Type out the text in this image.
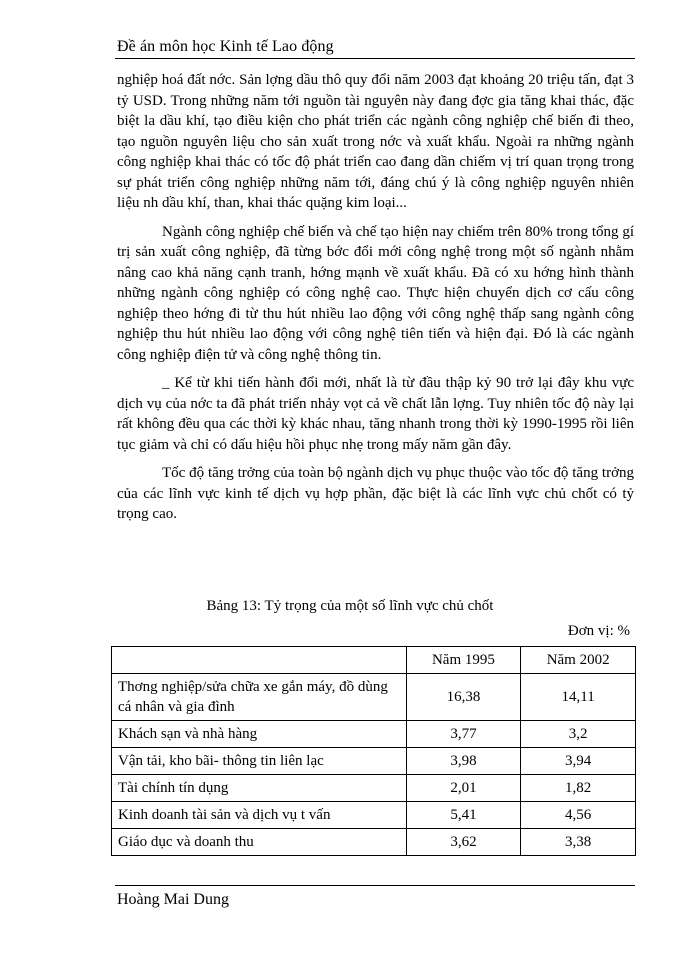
Đề án môn học Kinh tế Lao động

nghiệp hoá đất nớc. Sản lợng dầu thô quy đổi năm 2003 đạt khoảng 20 triệu tấn, đạt 3 tỷ USD. Trong những năm tới nguồn tài nguyên này đang đợc gia tăng khai thác, đặc biệt la dầu khí, tạo điều kiện cho phát triển các ngành công nghiệp chế biến đi theo, tạo nguồn nguyên liệu cho sản xuất trong nớc và xuất khẩu. Ngoài ra những ngành công nghiệp khai thác có tốc độ phát triển cao đang dần chiếm vị trí quan trọng trong sự phát triển công nghiệp những năm tới, đáng chú ý là công nghiệp nguyên nhiên liệu nh dầu khí, than, khai thác quặng kim loại...

Ngành công nghiệp chế biến và chế tạo hiện nay chiếm trên 80% trong tổng gí trị sản xuất công nghiệp, đã từng bớc đổi mới công nghệ trong một số ngành nhằm nâng cao khả năng cạnh tranh, hớng mạnh về xuất khẩu. Đã có xu hớng hình thành những ngành công nghiệp có công nghệ cao. Thực hiện chuyển dịch cơ cấu công nghiệp theo hớng đi từ thu hút nhiều lao động với công nghệ thấp sang ngành công nghiệp thu hút nhiều lao động với công nghệ tiên tiến và hiện đại. Đó là các ngành công nghiệp điện tử và công nghệ thông tin.

_ Kể từ khi tiến hành đổi mới, nhất là từ đầu thập kỷ 90 trở lại đây khu vực dịch vụ của nớc ta đã phát triển nhảy vọt cả về chất lẫn lợng. Tuy nhiên tốc độ này lại rất không đều qua các thời kỳ khác nhau, tăng nhanh trong thời kỳ 1990-1995 rồi liên tục giảm và chỉ có dấu hiệu hồi phục nhẹ trong mấy năm gần đây.

Tốc độ tăng trởng của toàn bộ ngành dịch vụ phục thuộc vào tốc độ tăng trởng của các lĩnh vực kinh tế dịch vụ hợp phần, đặc biệt là các lĩnh vực chủ chốt có tỷ trọng cao.

Bảng 13: Tỷ trọng của một số lĩnh vực chủ chốt
Đơn vị: %
	Năm 1995	Năm 2002
Thơng nghiệp/sửa chữa xe gắn máy, đồ dùng cá nhân và gia đình	16,38	14,11
Khách sạn và nhà hàng	3,77	3,2
Vận tải, kho bãi- thông tin liên lạc	3,98	3,94
Tài chính tín dụng	2,01	1,82
Kinh doanh tài sản và dịch vụ t vấn	5,41	4,56
Giáo dục và doanh thu	3,62	3,38
Hoàng Mai Dung
